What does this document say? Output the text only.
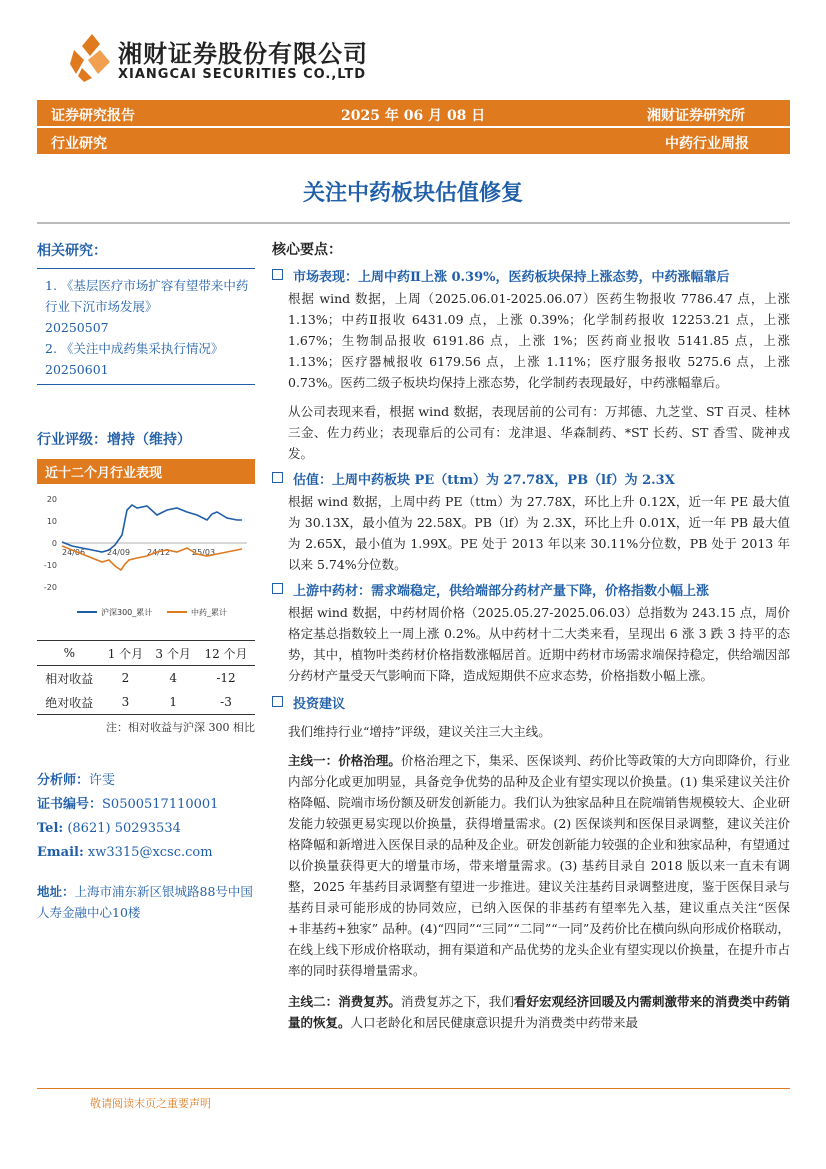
湘财证券股份有限公司
XIANGCAI SECURITIES CO.,LTD
证券研究报告	2025 年 06 月 08 日	湘财证券研究所
行业研究	中药行业周报
关注中药板块估值修复
相关研究：
1. 《基层医疗市场扩容有望带来中药行业下沉市场发展》
20250507
2. 《关注中成药集采执行情况》
20250601
行业评级：增持（维持）
近十二个月行业表现
20
10
0
-10
-20
24/06	24/09 24/12	25/03
沪深300_累计	中药_累计
%	1 个月	3 个月	12 个月
相对收益	2	4	-12
绝对收益	3	1	-3
注：相对收益与沪深 300 相比
分析师：许雯
证书编号：S0500517110001
Tel: (8621) 50293534
Email: xw3315@xcsc.com
地址：上海市浦东新区银城路88号中国人寿金融中心10楼
核心要点：
市场表现：上周中药Ⅱ上涨 0.39%，医药板块保持上涨态势，中药涨幅靠后
根据 wind 数据，上周（2025.06.01-2025.06.07）医药生物报收 7786.47 点，上涨 1.13%；中药Ⅱ报收 6431.09 点，上涨 0.39%；化学制药报收 12253.21 点，上涨 1.67%；生物制品报收 6191.86 点，上涨 1%；医药商业报收 5141.85 点，上涨 1.13%；医疗器械报收 6179.56 点，上涨 1.11%；医疗服务报收 5275.6 点，上涨 0.73%。医药二级子板块均保持上涨态势，化学制药表现最好，中药涨幅靠后。
从公司表现来看，根据 wind 数据，表现居前的公司有：万邦德、九芝堂、ST 百灵、桂林三金、佐力药业；表现靠后的公司有：龙津退、华森制药、*ST 长药、ST 香雪、陇神戎发。
估值：上周中药板块 PE（ttm）为 27.78X，PB（lf）为 2.3X
根据 wind 数据，上周中药 PE（ttm）为 27.78X，环比上升 0.12X，近一年 PE 最大值为 30.13X，最小值为 22.58X。PB（lf）为 2.3X，环比上升 0.01X，近一年 PB 最大值为 2.65X，最小值为 1.99X。PE 处于 2013 年以来 30.11%分位数，PB 处于 2013 年以来 5.74%分位数。
上游中药材：需求端稳定，供给端部分药材产量下降，价格指数小幅上涨
根据 wind 数据，中药材周价格（2025.05.27-2025.06.03）总指数为 243.15 点，周价格定基总指数较上一周上涨 0.2%。从中药材十二大类来看，呈现出 6 涨 3 跌 3 持平的态势，其中，植物叶类药材价格指数涨幅居首。近期中药材市场需求端保持稳定，供给端因部分药材产量受天气影响而下降，造成短期供不应求态势，价格指数小幅上涨。
投资建议
我们维持行业“增持”评级，建议关注三大主线。
主线一：价格治理。价格治理之下，集采、医保谈判、药价比等政策的大方向即降价，行业内部分化或更加明显，具备竞争优势的品种及企业有望实现以价换量。(1) 集采建议关注价格降幅、院端市场份额及研发创新能力。我们认为独家品种且在院端销售规模较大、企业研发能力较强更易实现以价换量，获得增量需求。(2) 医保谈判和医保目录调整，建议关注价格降幅和新增进入医保目录的品种及企业。研发创新能力较强的企业和独家品种，有望通过以价换量获得更大的增量市场，带来增量需求。(3) 基药目录自 2018 版以来一直未有调整，2025 年基药目录调整有望进一步推进。建议关注基药目录调整进度，鉴于医保目录与基药目录可能形成的协同效应，已纳入医保的非基药有望率先入基，建议重点关注“医保+非基药+独家” 品种。(4)“四同”“三同”“二同”“一同”及药价比在横向纵向形成价格联动，在线上线下形成价格联动，拥有渠道和产品优势的龙头企业有望实现以价换量，在提升市占率的同时获得增量需求。
主线二：消费复苏。消费复苏之下，我们看好宏观经济回暖及内需刺激带来的消费类中药销量的恢复。人口老龄化和居民健康意识提升为消费类中药带来最
敬请阅读末页之重要声明
